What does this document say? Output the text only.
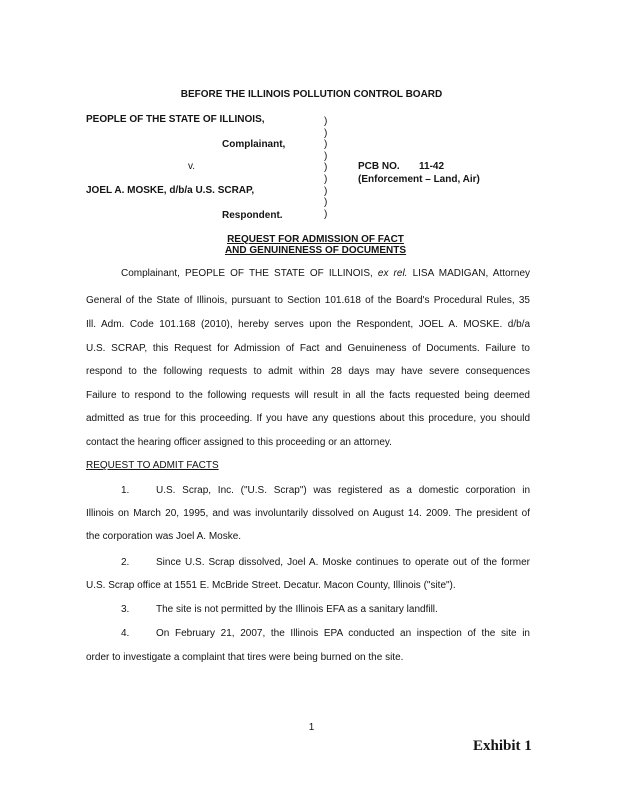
BEFORE THE ILLINOIS POLLUTION CONTROL BOARD
PEOPLE OF THE STATE OF ILLINOIS,
Complainant,
v.
JOEL A. MOSKE, d/b/a U.S. SCRAP,
Respondent.
)
)
)
)
)
)
)
)
)
PCB NO. 11-42
(Enforcement – Land, Air)
REQUEST FOR ADMISSION OF FACT
AND GENUINENESS OF DOCUMENTS
Complainant, PEOPLE OF THE STATE OF ILLINOIS, ex rel. LISA MADIGAN, Attorney
General of the State of Illinois, pursuant to Section 101.618 of the Board's Procedural Rules, 35
Ill. Adm. Code 101.168 (2010), hereby serves upon the Respondent, JOEL A. MOSKE. d/b/a
U.S. SCRAP, this Request for Admission of Fact and Genuineness of Documents. Failure to
respond to the following requests to admit within 28 days may have severe consequences
Failure to respond to the following requests will result in all the facts requested being deemed
admitted as true for this proceeding. If you have any questions about this procedure, you should
contact the hearing officer assigned to this proceeding or an attorney.
REQUEST TO ADMIT FACTS
1.	U.S. Scrap, Inc. ("U.S. Scrap") was registered as a domestic corporation in
Illinois on March 20, 1995, and was involuntarily dissolved on August 14. 2009. The president of
the corporation was Joel A. Moske.
2.	Since U.S. Scrap dissolved, Joel A. Moske continues to operate out of the former
U.S. Scrap office at 1551 E. McBride Street. Decatur. Macon County, Illinois ("site").
3.	The site is not permitted by the Illinois EFA as a sanitary landfill.
4.	On February 21, 2007, the Illinois EPA conducted an inspection of the site in
order to investigate a complaint that tires were being burned on the site.
1
Exhibit 1
